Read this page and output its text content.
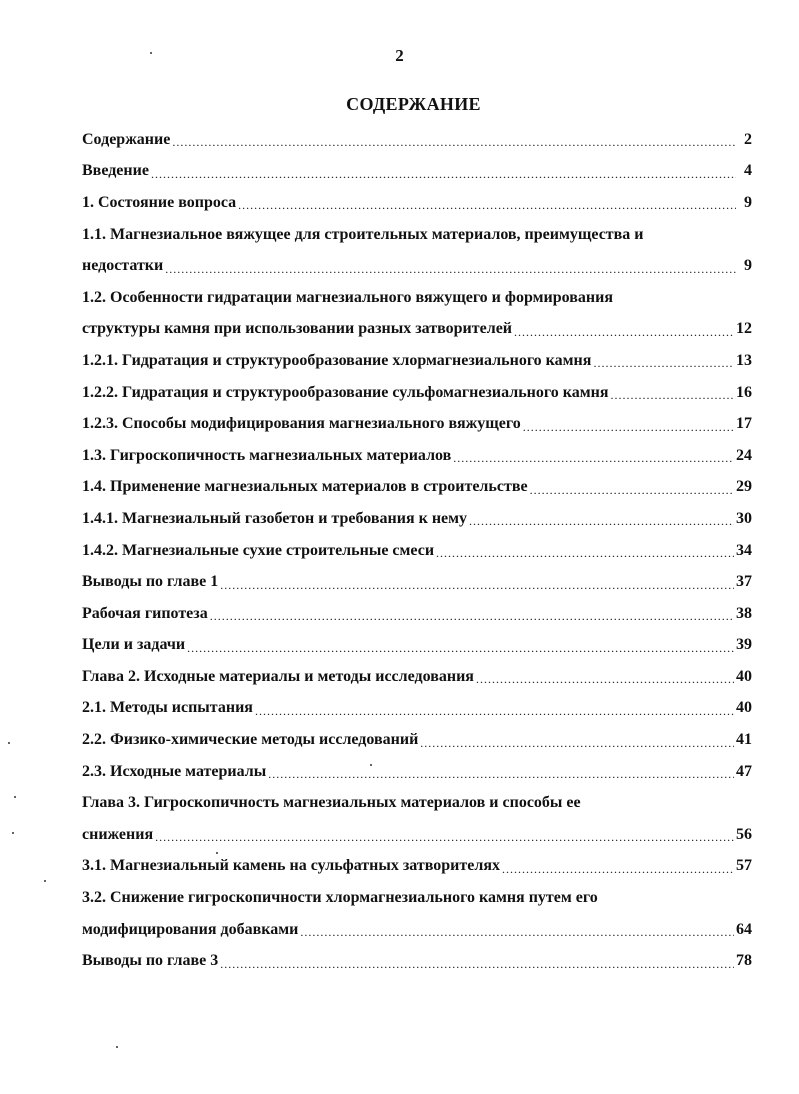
2
СОДЕРЖАНИЕ
Содержание .....	2
Введение .....	4
1. Состояние вопроса .....	9
1.1. Магнезиальное вяжущее для строительных материалов, преимущества и
недостатки .....	9
1.2. Особенности гидратации магнезиального вяжущего и формирования
структуры камня при использовании разных затворителей .....	12
1.2.1. Гидратация и структурообразование хлормагнезиального камня .....	13
1.2.2. Гидратация и структурообразование сульфомагнезиального камня .....	16
1.2.3. Способы модифицирования магнезиального вяжущего .....	17
1.3. Гигроскопичность магнезиальных материалов .....	24
1.4. Применение магнезиальных материалов в строительстве .....	29
1.4.1. Магнезиальный газобетон и требования к нему .....	30
1.4.2. Магнезиальные сухие строительные смеси .....	34
Выводы по главе 1 .....	37
Рабочая гипотеза .....	38
Цели и задачи .....	39
Глава 2. Исходные материалы и методы исследования .....	40
2.1. Методы испытания .....	40
2.2. Физико-химические методы исследований .....	41
2.3. Исходные материалы .....	47
Глава 3. Гигроскопичность магнезиальных материалов и способы ее
снижения .....	56
3.1. Магнезиальный камень на сульфатных затворителях .....	57
3.2. Снижение гигроскопичности хлормагнезиального камня путем его
модифицирования добавками .....	64
Выводы по главе 3 .....	78
